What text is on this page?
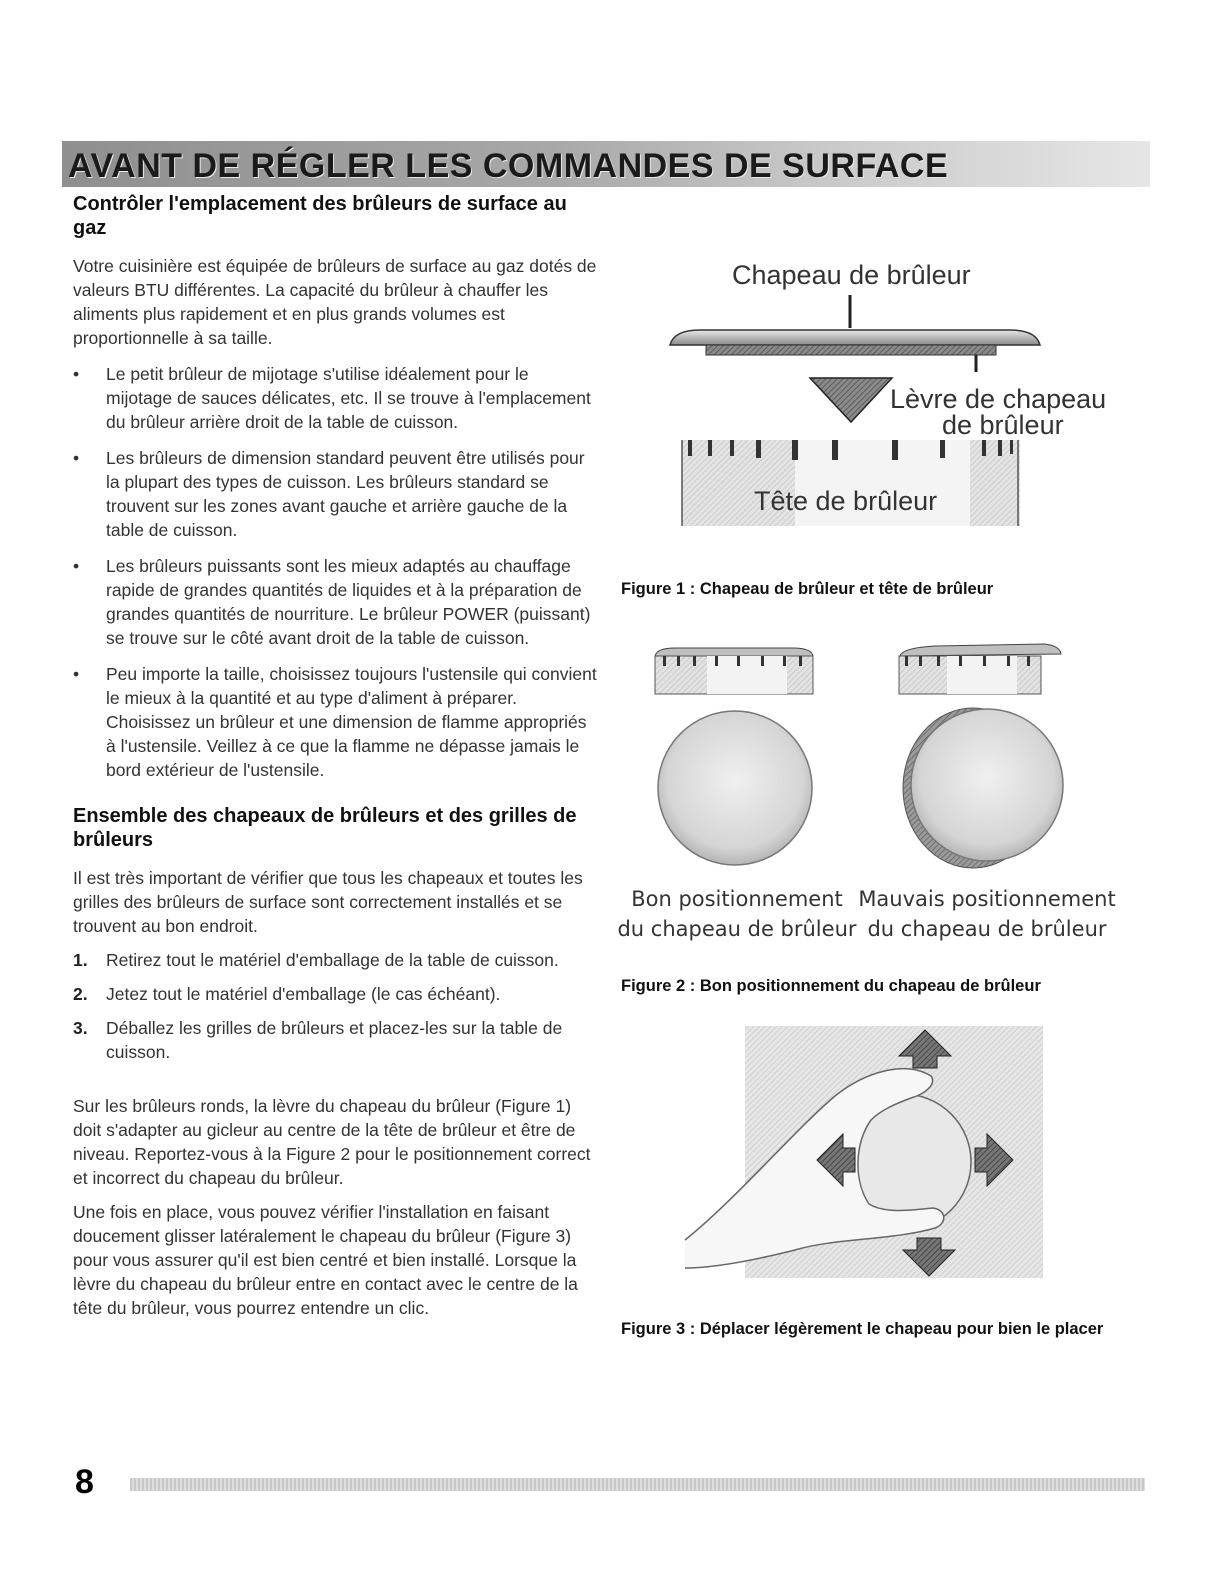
AVANT DE RÉGLER LES COMMANDES DE SURFACE
Contrôler l'emplacement des brûleurs de surface au gaz

Votre cuisinière est équipée de brûleurs de surface au gaz dotés de valeurs BTU différentes. La capacité du brûleur à chauffer les aliments plus rapidement et en plus grands volumes est proportionnelle à sa taille.

• Le petit brûleur de mijotage s'utilise idéalement pour le mijotage de sauces délicates, etc. Il se trouve à l'emplacement du brûleur arrière droit de la table de cuisson.
• Les brûleurs de dimension standard peuvent être utilisés pour la plupart des types de cuisson. Les brûleurs standard se trouvent sur les zones avant gauche et arrière gauche de la table de cuisson.
• Les brûleurs puissants sont les mieux adaptés au chauffage rapide de grandes quantités de liquides et à la préparation de grandes quantités de nourriture. Le brûleur POWER (puissant) se trouve sur le côté avant droit de la table de cuisson.
• Peu importe la taille, choisissez toujours l'ustensile qui convient le mieux à la quantité et au type d'aliment à préparer. Choisissez un brûleur et une dimension de flamme appropriés à l'ustensile. Veillez à ce que la flamme ne dépasse jamais le bord extérieur de l'ustensile.
Ensemble des chapeaux de brûleurs et des grilles de brûleurs

Il est très important de vérifier que tous les chapeaux et toutes les grilles des brûleurs de surface sont correctement installés et se trouvent au bon endroit.

1. Retirez tout le matériel d'emballage de la table de cuisson.
2. Jetez tout le matériel d'emballage (le cas échéant).
3. Déballez les grilles de brûleurs et placez-les sur la table de cuisson.

Sur les brûleurs ronds, la lèvre du chapeau du brûleur (Figure 1) doit s'adapter au gicleur au centre de la tête de brûleur et être de niveau. Reportez-vous à la Figure 2 pour le positionnement correct et incorrect du chapeau du brûleur.

Une fois en place, vous pouvez vérifier l'installation en faisant doucement glisser latéralement le chapeau du brûleur (Figure 3) pour vous assurer qu'il est bien centré et bien installé. Lorsque la lèvre du chapeau du brûleur entre en contact avec le centre de la tête du brûleur, vous pourrez entendre un clic.

Chapeau de brûleur
Lèvre de chapeau
de brûleur
Tête de brûleur
Figure 1 : Chapeau de brûleur et tête de brûleur
Bon positionnement
du chapeau de brûleur
Mauvais positionnement
du chapeau de brûleur
Figure 2 : Bon positionnement du chapeau de brûleur
Figure 3 : Déplacer légèrement le chapeau pour bien le placer
8
